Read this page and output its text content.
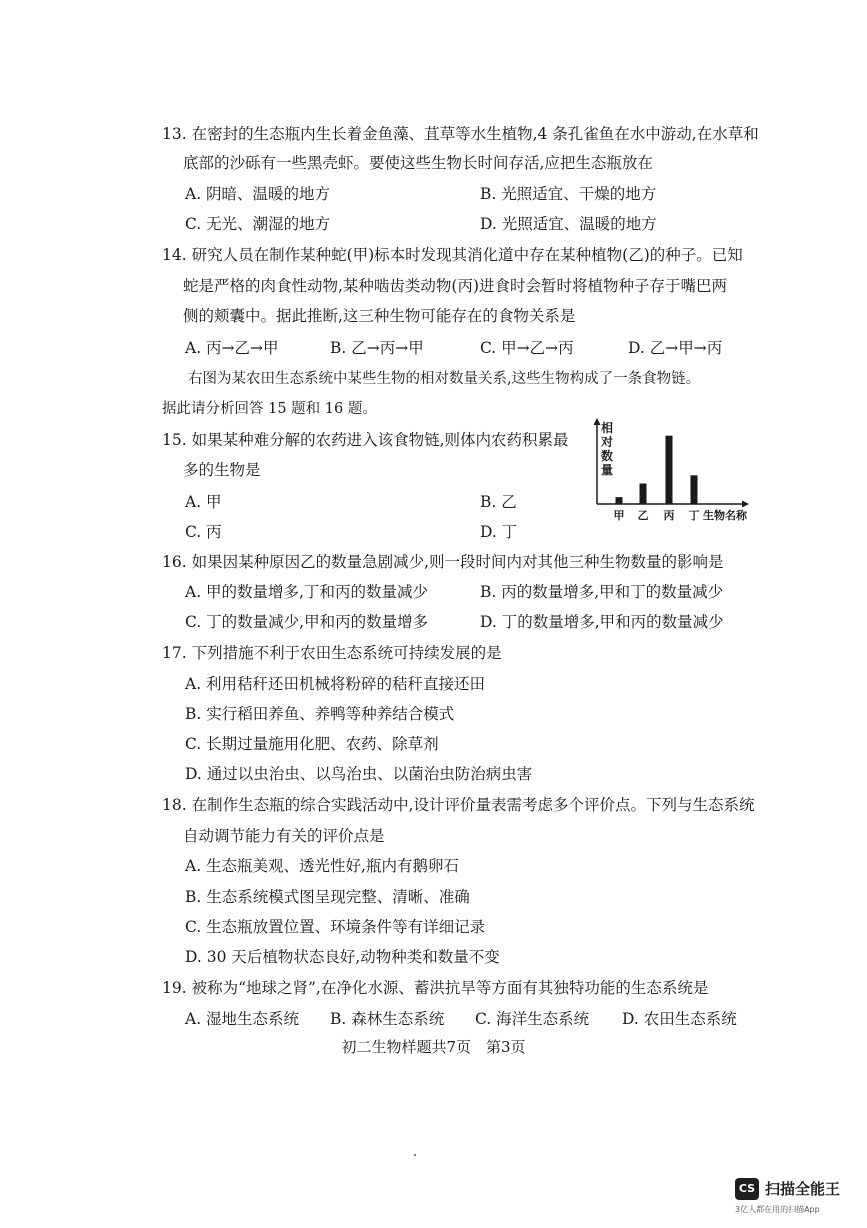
13. 在密封的生态瓶内生长着金鱼藻、苴草等水生植物,4 条孔雀鱼在水中游动,在水草和
底部的沙砾有一些黑壳虾。要使这些生物长时间存活,应把生态瓶放在
A. 阴暗、温暖的地方	B. 光照适宜、干燥的地方
C. 无光、潮湿的地方	D. 光照适宜、温暖的地方
14. 研究人员在制作某种蛇(甲)标本时发现其消化道中存在某种植物(乙)的种子。已知
蛇是严格的肉食性动物,某种啮齿类动物(丙)进食时会暂时将植物种子存于嘴巴两
侧的颊囊中。据此推断,这三种生物可能存在的食物关系是
A. 丙→乙→甲	B. 乙→丙→甲	C. 甲→乙→丙	D. 乙→甲→丙
右图为某农田生态系统中某些生物的相对数量关系,这些生物构成了一条食物链。
据此请分析回答 15 题和 16 题。
15. 如果某种难分解的农药进入该食物链,则体内农药积累最
多的生物是
A. 甲	B. 乙
C. 丙	D. 丁
相对数量
甲 乙 丙 丁 生物名称
16. 如果因某种原因乙的数量急剧减少,则一段时间内对其他三种生物数量的影响是
A. 甲的数量增多,丁和丙的数量减少	B. 丙的数量增多,甲和丁的数量减少
C. 丁的数量减少,甲和丙的数量增多	D. 丁的数量增多,甲和丙的数量减少
17. 下列措施不利于农田生态系统可持续发展的是
A. 利用秸秆还田机械将粉碎的秸秆直接还田
B. 实行稻田养鱼、养鸭等种养结合模式
C. 长期过量施用化肥、农药、除草剂
D. 通过以虫治虫、以鸟治虫、以菌治虫防治病虫害
18. 在制作生态瓶的综合实践活动中,设计评价量表需考虑多个评价点。下列与生态系统
自动调节能力有关的评价点是
A. 生态瓶美观、透光性好,瓶内有鹅卵石
B. 生态系统模式图呈现完整、清晰、准确
C. 生态瓶放置位置、环境条件等有详细记录
D. 30 天后植物状态良好,动物种类和数量不变
19. 被称为“地球之肾”,在净化水源、蓄洪抗旱等方面有其独特功能的生态系统是
A. 湿地生态系统 B. 森林生态系统 C. 海洋生态系统 D. 农田生态系统
初二生物样题共7页　第3页
CS 扫描全能王
3亿人都在用的扫描App
